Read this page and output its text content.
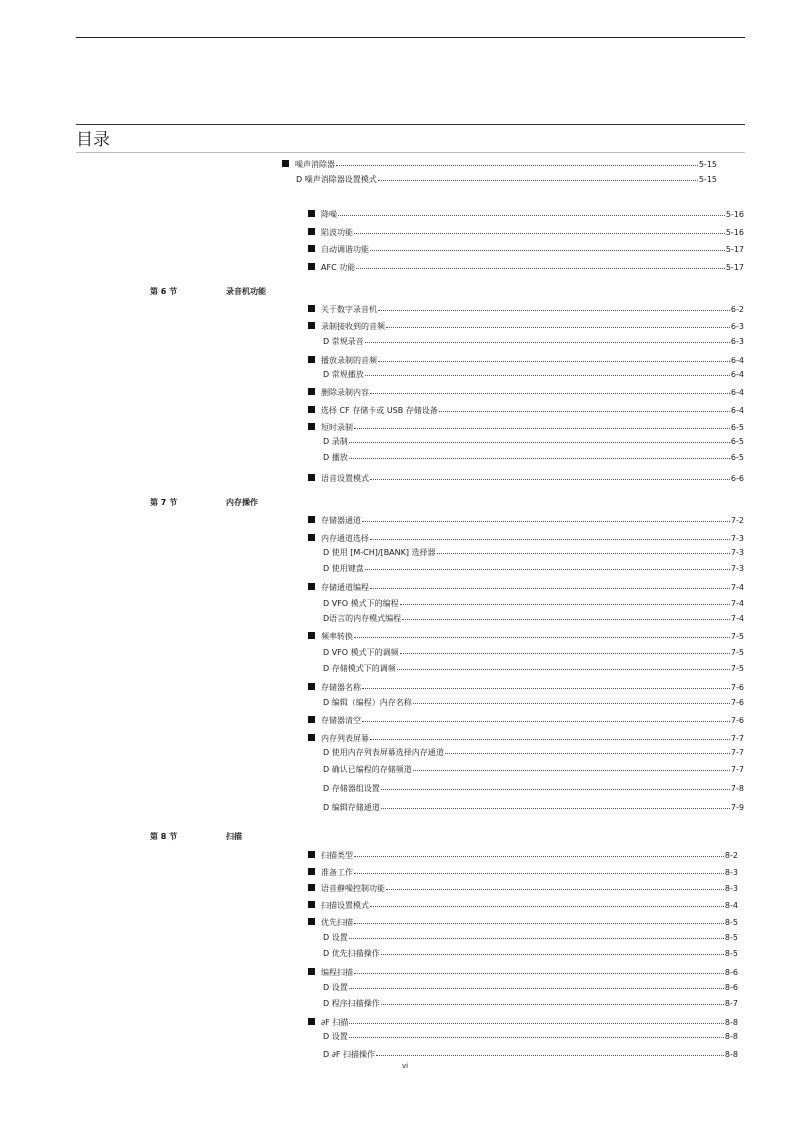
目录
第 6 节	录音机功能
第 7 节	内存操作
第 8 节	扫描
噪声消除器	5-15
D 噪声消除器设置模式	5-15
降噪	5-16
陷波功能	5-16
自动调谐功能	5-17
AFC 功能	5-17
关于数字录音机	6-2
录制接收到的音频	6-3
D 常规录音	6-3
播放录制的音频	6-4
D 常规播放	6-4
删除录制内容	6-4
选择 CF 存储卡或 USB 存储设备	6-4
短时录制	6-5
D 录制	6-5
D 播放	6-5
语音设置模式	6-6
存储器通道	7-2
内存通道选择	7-3
D 使用 [M-CH]/[BANK] 选择器	7-3
D 使用键盘	7-3
存储通道编程	7-4
D VFO 模式下的编程	7-4
D语言的内存模式编程	7-4
频率转换	7-5
D VFO 模式下的调频	7-5
D 存储模式下的调频	7-5
存储器名称	7-6
D 编辑（编程）内存名称	7-6
存储器清空	7-6
内存列表屏幕	7-7
D 使用内存列表屏幕选择内存通道	7-7
D 确认已编程的存储频道	7-7
D 存储器组设置	7-8
D 编辑存储通道	7-9
扫描类型	8-2
准备工作	8-3
语音静噪控制功能	8-3
扫描设置模式	8-4
优先扫描	8-5
D 设置	8-5
D 优先扫描操作	8-5
编程扫描	8-6
D 设置	8-6
D 程序扫描操作	8-7
∂F 扫描	8-8
D 设置	8-8
D ∂F 扫描操作	8-8
vi
